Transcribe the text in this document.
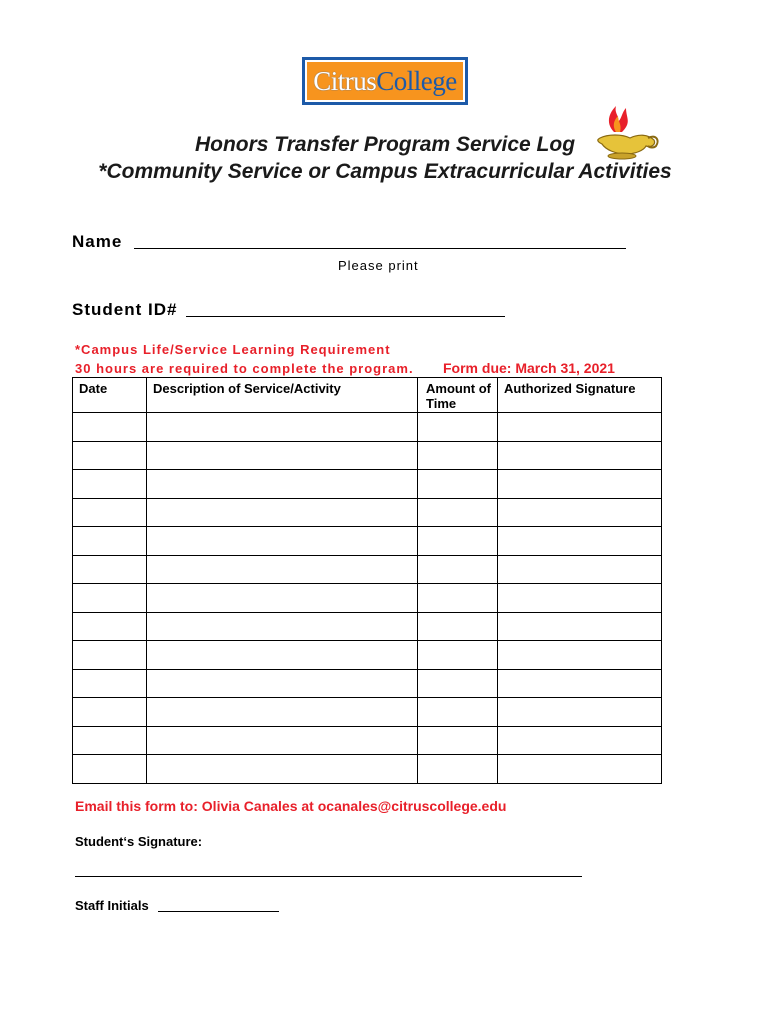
Citrus College
Honors Transfer Program Service Log
*Community Service or Campus Extracurricular Activities
Name
Please print
Student ID#
*Campus Life/Service Learning Requirement
30 hours are required to complete the program. Form due: March 31, 2021
Date	Description of Service/Activity	Amount of Time	Authorized Signature

Email this form to: Olivia Canales at ocanales@citruscollege.edu
Student‘s Signature:
Staff Initials
